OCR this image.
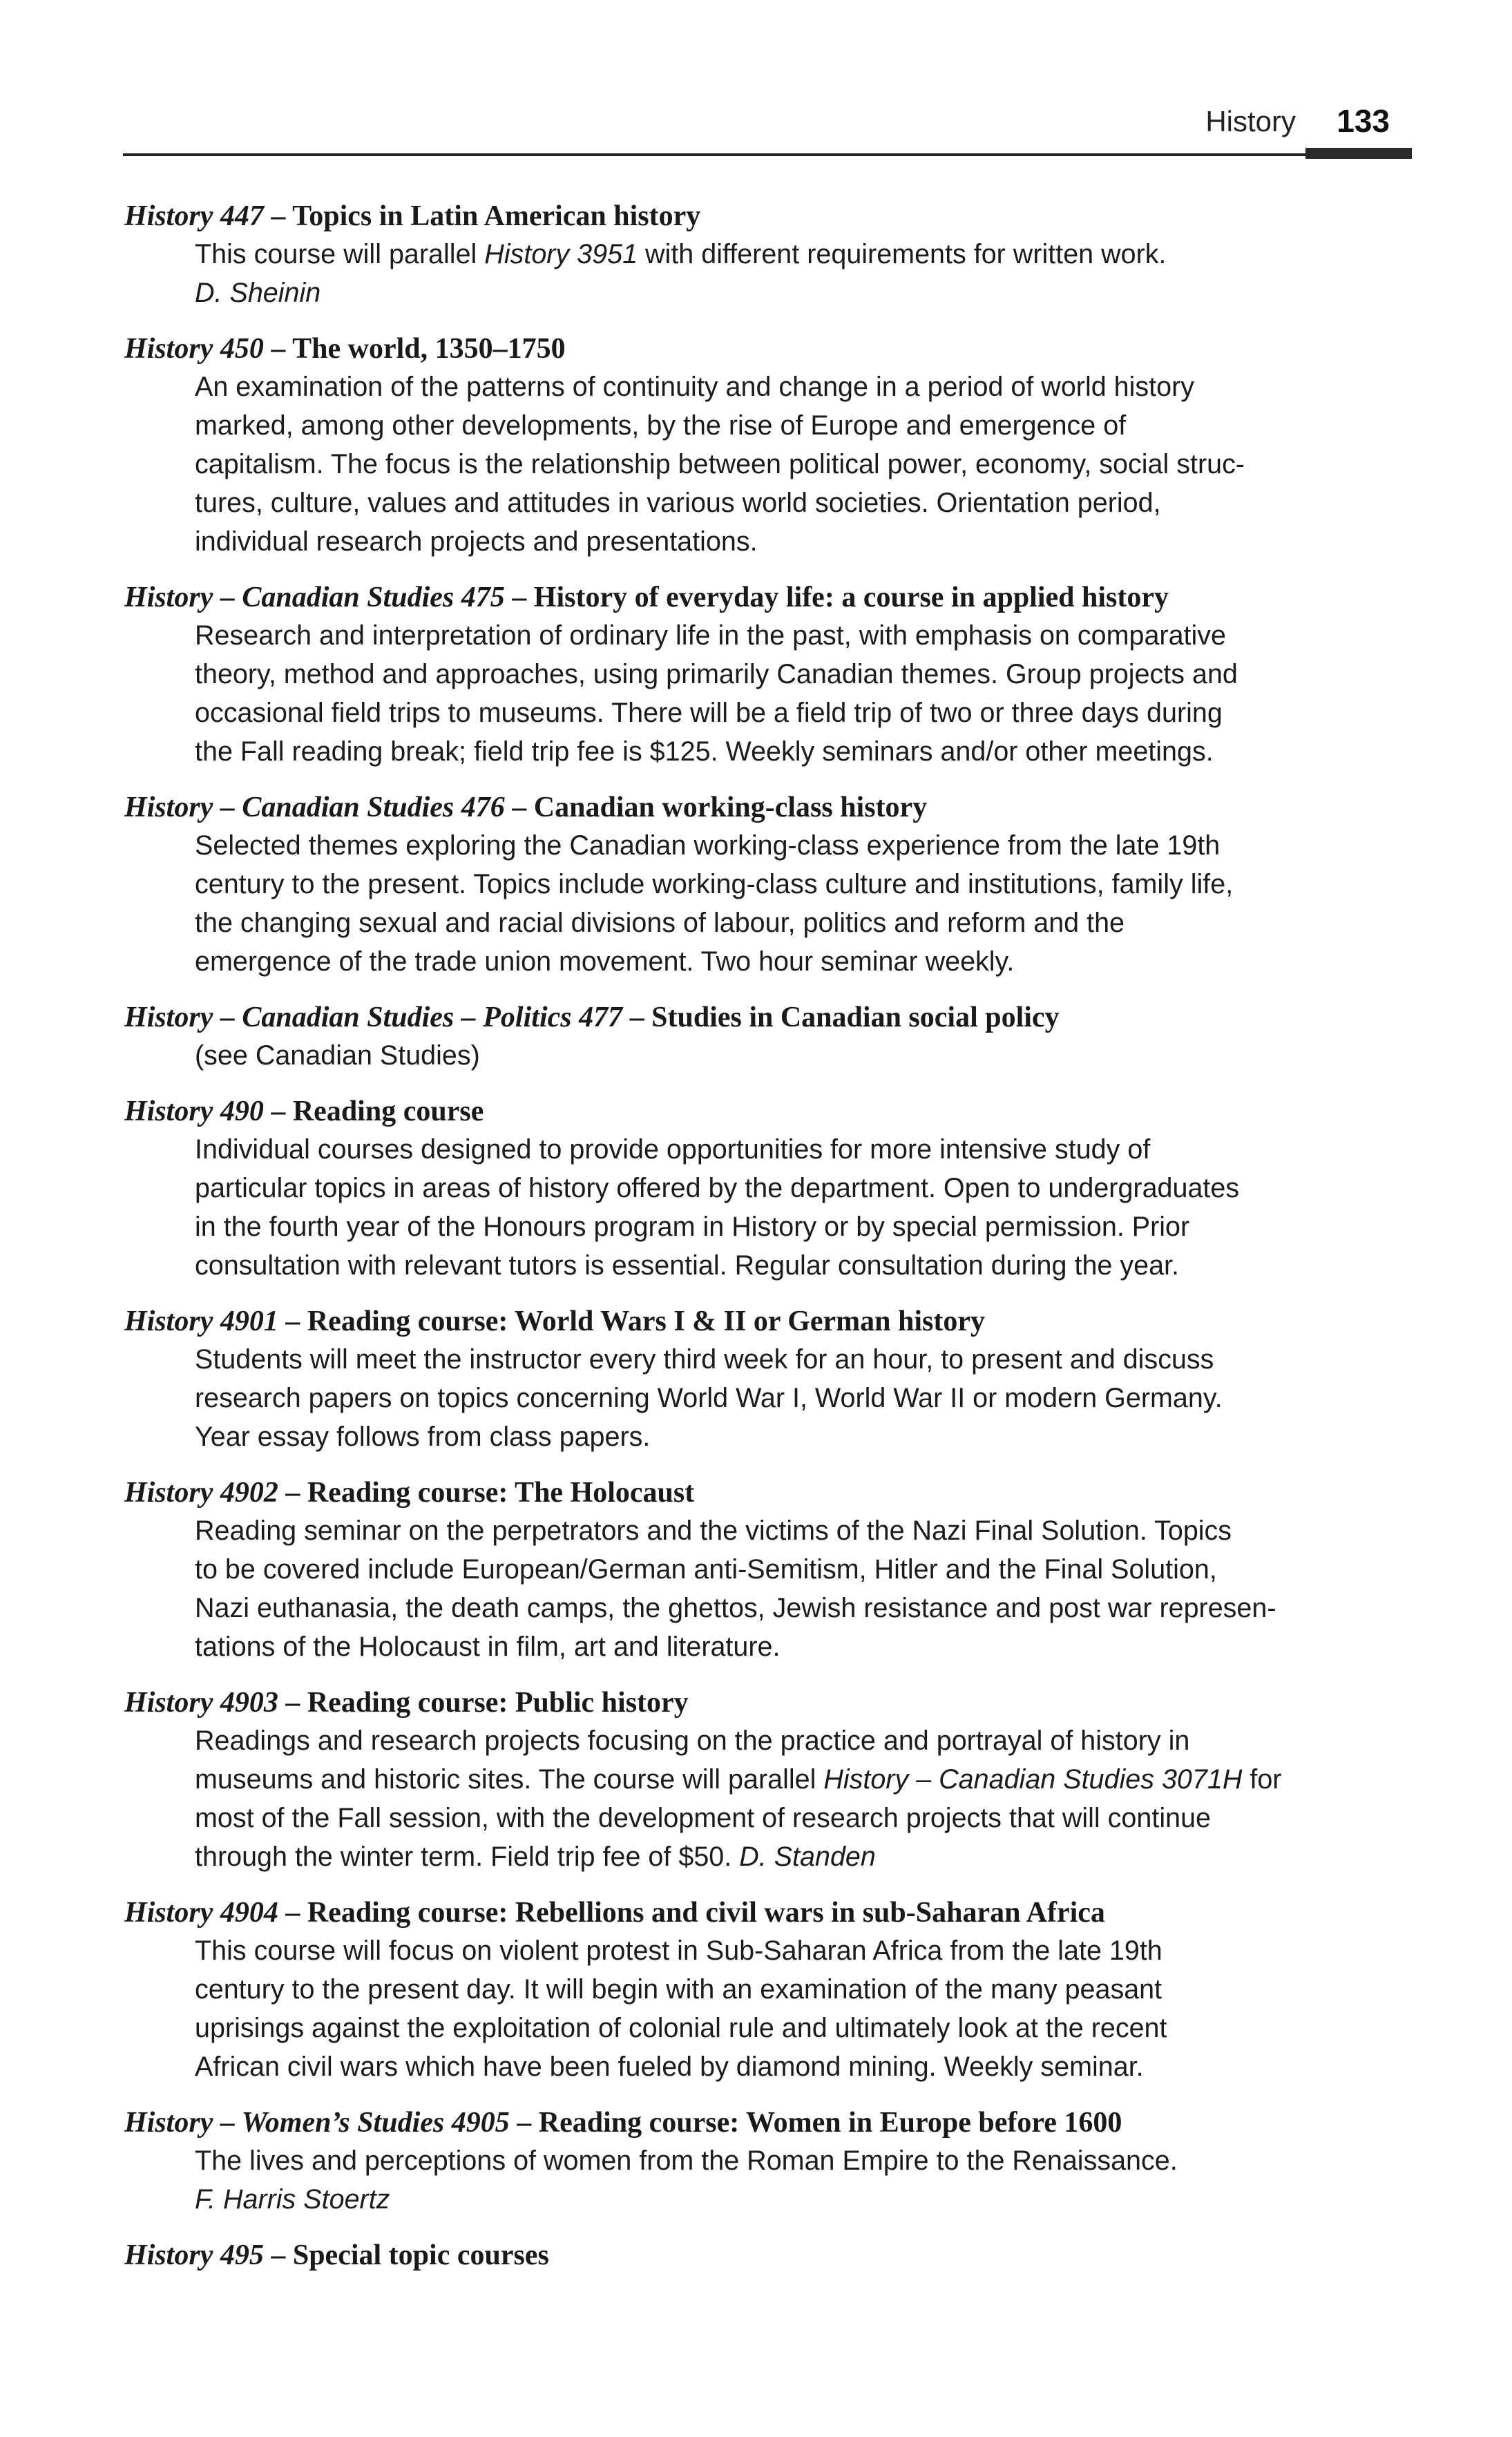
History 133
History 447 – Topics in Latin American history
This course will parallel History 3951 with different requirements for written work.
D. Sheinin
History 450 – The world, 1350–1750
An examination of the patterns of continuity and change in a period of world history
marked, among other developments, by the rise of Europe and emergence of
capitalism. The focus is the relationship between political power, economy, social struc-
tures, culture, values and attitudes in various world societies. Orientation period,
individual research projects and presentations.
History – Canadian Studies 475 – History of everyday life: a course in applied history
Research and interpretation of ordinary life in the past, with emphasis on comparative
theory, method and approaches, using primarily Canadian themes. Group projects and
occasional field trips to museums. There will be a field trip of two or three days during
the Fall reading break; field trip fee is $125. Weekly seminars and/or other meetings.
History – Canadian Studies 476 – Canadian working-class history
Selected themes exploring the Canadian working-class experience from the late 19th
century to the present. Topics include working-class culture and institutions, family life,
the changing sexual and racial divisions of labour, politics and reform and the
emergence of the trade union movement. Two hour seminar weekly.
History – Canadian Studies – Politics 477 – Studies in Canadian social policy
(see Canadian Studies)
History 490 – Reading course
Individual courses designed to provide opportunities for more intensive study of
particular topics in areas of history offered by the department. Open to undergraduates
in the fourth year of the Honours program in History or by special permission. Prior
consultation with relevant tutors is essential. Regular consultation during the year.
History 4901 – Reading course: World Wars I & II or German history
Students will meet the instructor every third week for an hour, to present and discuss
research papers on topics concerning World War I, World War II or modern Germany.
Year essay follows from class papers.
History 4902 – Reading course: The Holocaust
Reading seminar on the perpetrators and the victims of the Nazi Final Solution. Topics
to be covered include European/German anti-Semitism, Hitler and the Final Solution,
Nazi euthanasia, the death camps, the ghettos, Jewish resistance and post war represen-
tations of the Holocaust in film, art and literature.
History 4903 – Reading course: Public history
Readings and research projects focusing on the practice and portrayal of history in
museums and historic sites. The course will parallel History – Canadian Studies 3071H for
most of the Fall session, with the development of research projects that will continue
through the winter term. Field trip fee of $50. D. Standen
History 4904 – Reading course: Rebellions and civil wars in sub-Saharan Africa
This course will focus on violent protest in Sub-Saharan Africa from the late 19th
century to the present day. It will begin with an examination of the many peasant
uprisings against the exploitation of colonial rule and ultimately look at the recent
African civil wars which have been fueled by diamond mining. Weekly seminar.
History – Women’s Studies 4905 – Reading course: Women in Europe before 1600
The lives and perceptions of women from the Roman Empire to the Renaissance.
F. Harris Stoertz
History 495 – Special topic courses
